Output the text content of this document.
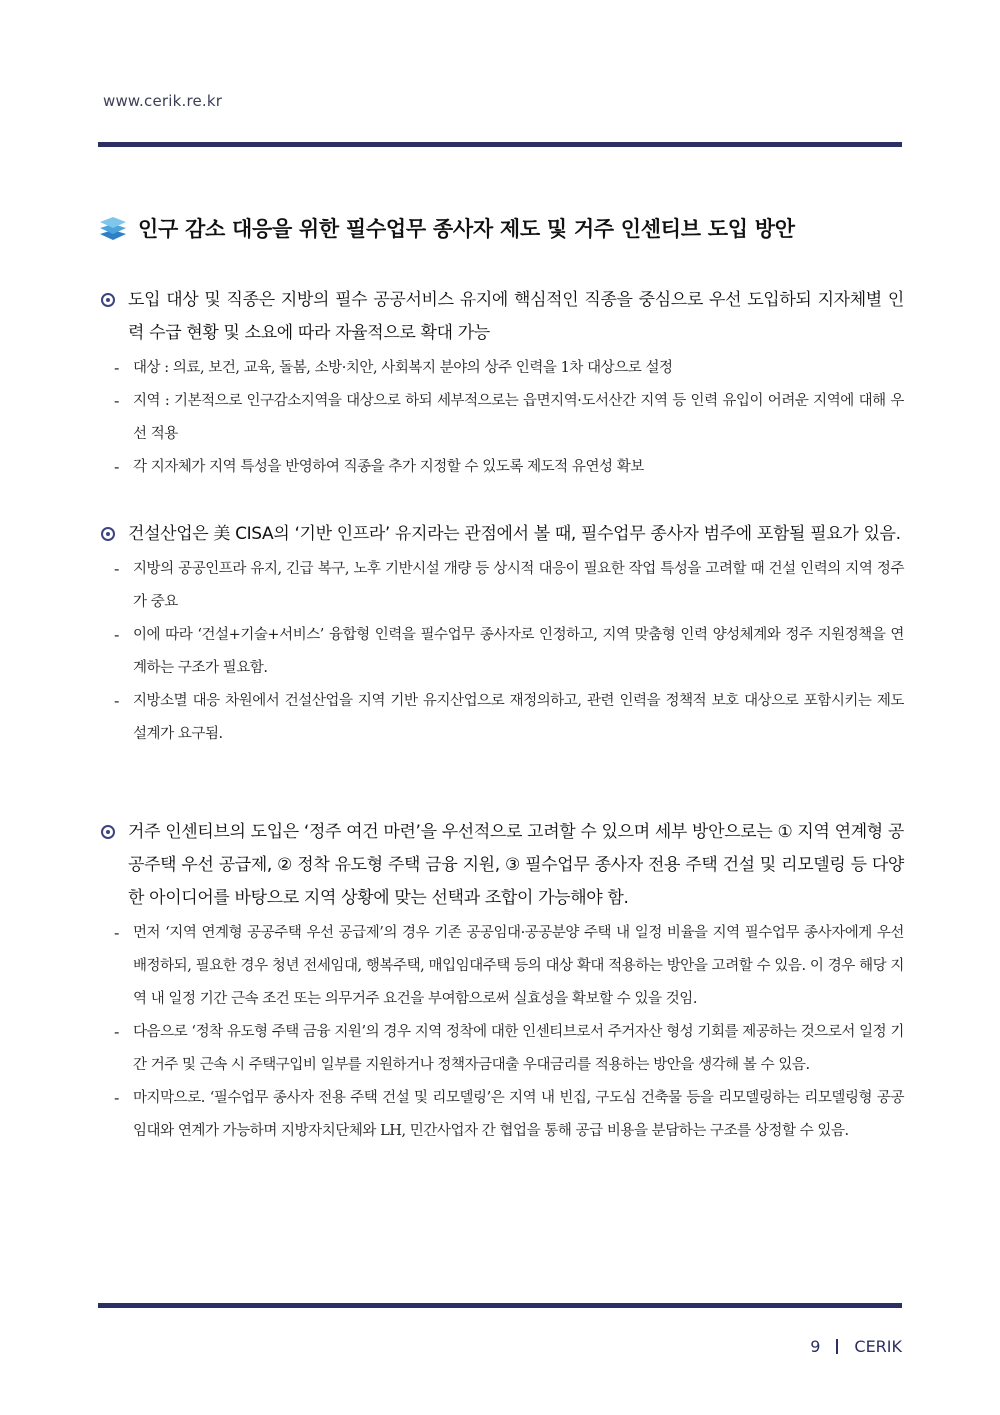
www.cerik.re.kr
인구 감소 대응을 위한 필수업무 종사자 제도 및 거주 인센티브 도입 방안
도입 대상 및 직종은 지방의 필수 공공서비스 유지에 핵심적인 직종을 중심으로 우선 도입하되 지자체별 인력 수급 현황 및 소요에 따라 자율적으로 확대 가능
- 대상 : 의료, 보건, 교육, 돌봄, 소방·치안, 사회복지 분야의 상주 인력을 1차 대상으로 설정
- 지역 : 기본적으로 인구감소지역을 대상으로 하되 세부적으로는 읍면지역·도서산간 지역 등 인력 유입이 어려운 지역에 대해 우선 적용
- 각 지자체가 지역 특성을 반영하여 직종을 추가 지정할 수 있도록 제도적 유연성 확보
건설산업은 美 CISA의 ‘기반 인프라’ 유지라는 관점에서 볼 때, 필수업무 종사자 범주에 포함될 필요가 있음.
- 지방의 공공인프라 유지, 긴급 복구, 노후 기반시설 개량 등 상시적 대응이 필요한 작업 특성을 고려할 때 건설 인력의 지역 정주가 중요
- 이에 따라 ‘건설+기술+서비스’ 융합형 인력을 필수업무 종사자로 인정하고, 지역 맞춤형 인력 양성체계와 정주 지원정책을 연계하는 구조가 필요함.
- 지방소멸 대응 차원에서 건설산업을 지역 기반 유지산업으로 재정의하고, 관련 인력을 정책적 보호 대상으로 포함시키는 제도 설계가 요구됨.
거주 인센티브의 도입은 ‘정주 여건 마련’을 우선적으로 고려할 수 있으며 세부 방안으로는 ① 지역 연계형 공공주택 우선 공급제, ② 정착 유도형 주택 금융 지원, ③ 필수업무 종사자 전용 주택 건설 및 리모델링 등 다양한 아이디어를 바탕으로 지역 상황에 맞는 선택과 조합이 가능해야 함.
- 먼저 ‘지역 연계형 공공주택 우선 공급제’의 경우 기존 공공임대·공공분양 주택 내 일정 비율을 지역 필수업무 종사자에게 우선 배정하되, 필요한 경우 청년 전세임대, 행복주택, 매입임대주택 등의 대상 확대 적용하는 방안을 고려할 수 있음. 이 경우 해당 지역 내 일정 기간 근속 조건 또는 의무거주 요건을 부여함으로써 실효성을 확보할 수 있을 것임.
- 다음으로 ‘정착 유도형 주택 금융 지원’의 경우 지역 정착에 대한 인센티브로서 주거자산 형성 기회를 제공하는 것으로서 일정 기간 거주 및 근속 시 주택구입비 일부를 지원하거나 정책자금대출 우대금리를 적용하는 방안을 생각해 볼 수 있음.
- 마지막으로. ‘필수업무 종사자 전용 주택 건설 및 리모델링’은 지역 내 빈집, 구도심 건축물 등을 리모델링하는 리모델링형 공공임대와 연계가 가능하며 지방자치단체와 LH, 민간사업자 간 협업을 통해 공급 비용을 분담하는 구조를 상정할 수 있음.
9 CERIK
